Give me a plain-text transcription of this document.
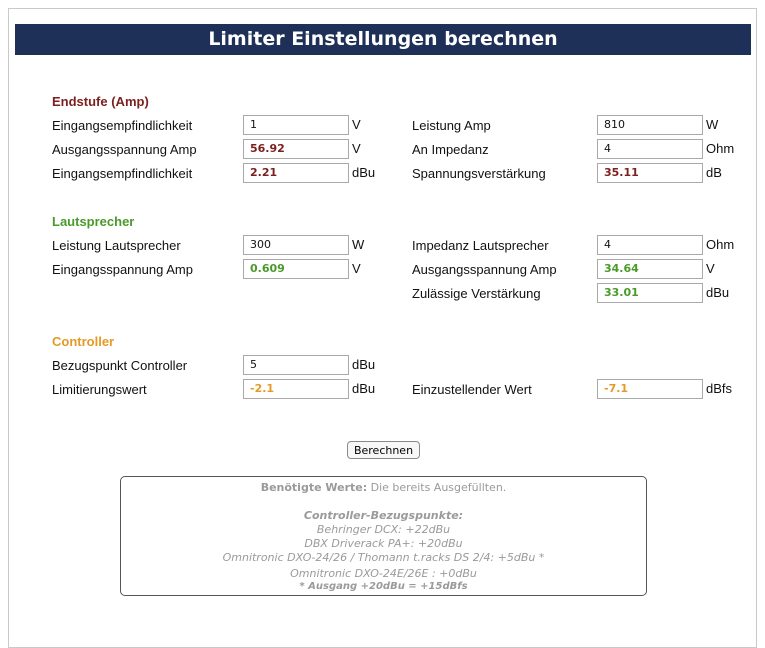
Limiter Einstellungen berechnen
Endstufe (Amp)
Eingangsempfindlichkeit	1	V
Ausgangsspannung Amp	56.92	V
Eingangsempfindlichkeit	2.21	dBu
Leistung Amp	810	W
An Impedanz	4	Ohm
Spannungsverstärkung	35.11	dB
Lautsprecher
Leistung Lautsprecher	300	W
Eingangsspannung Amp	0.609	V
Impedanz Lautsprecher	4	Ohm
Ausgangsspannung Amp	34.64	V
Zulässige Verstärkung	33.01	dBu
Controller
Bezugspunkt Controller	5	dBu
Limitierungswert	-2.1	dBu	Einzustellender Wert	-7.1	dBfs
Berechnen
Benötigte Werte: Die bereits Ausgefüllten.
Controller-Bezugspunkte:
Behringer DCX: +22dBu
DBX Driverack PA+: +20dBu
Omnitronic DXO-24/26 / Thomann t.racks DS 2/4: +5dBu *
Omnitronic DXO-24E/26E : +0dBu
* Ausgang +20dBu = +15dBfs
